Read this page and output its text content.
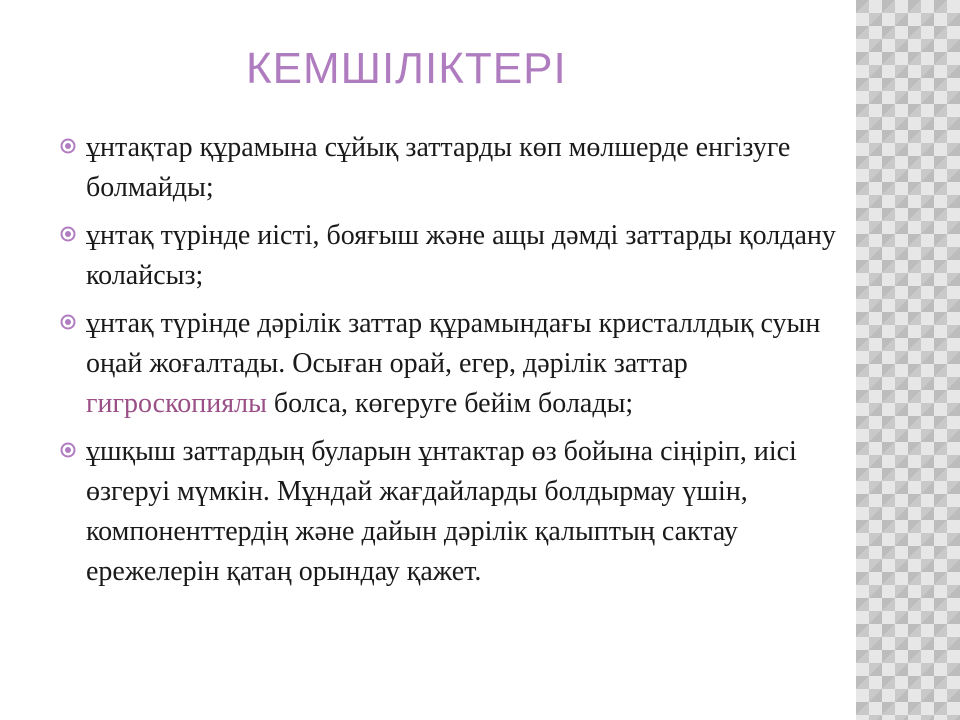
КЕМШІЛІКТЕРІ
ұнтақтар құрамына сұйық заттарды көп мөлшерде енгізуге болмайды;
ұнтақ түрінде иісті, бояғыш және ащы дәмді заттарды қолдану колайсыз;
ұнтақ түрінде дәрілік заттар құрамындағы кристаллдық суын оңай жоғалтады. Осыған орай, егер, дәрілік заттар гигроскопиялы болса, көгеруге бейім болады;
ұшқыш заттардың буларын ұнтактар өз бойына сіңіріп, иісі өзгеруі мүмкін. Мұндай жағдайларды болдырмау үшін, компоненттердің және дайын дәрілік қалыптың сактау ережелерін қатаң орындау қажет.
